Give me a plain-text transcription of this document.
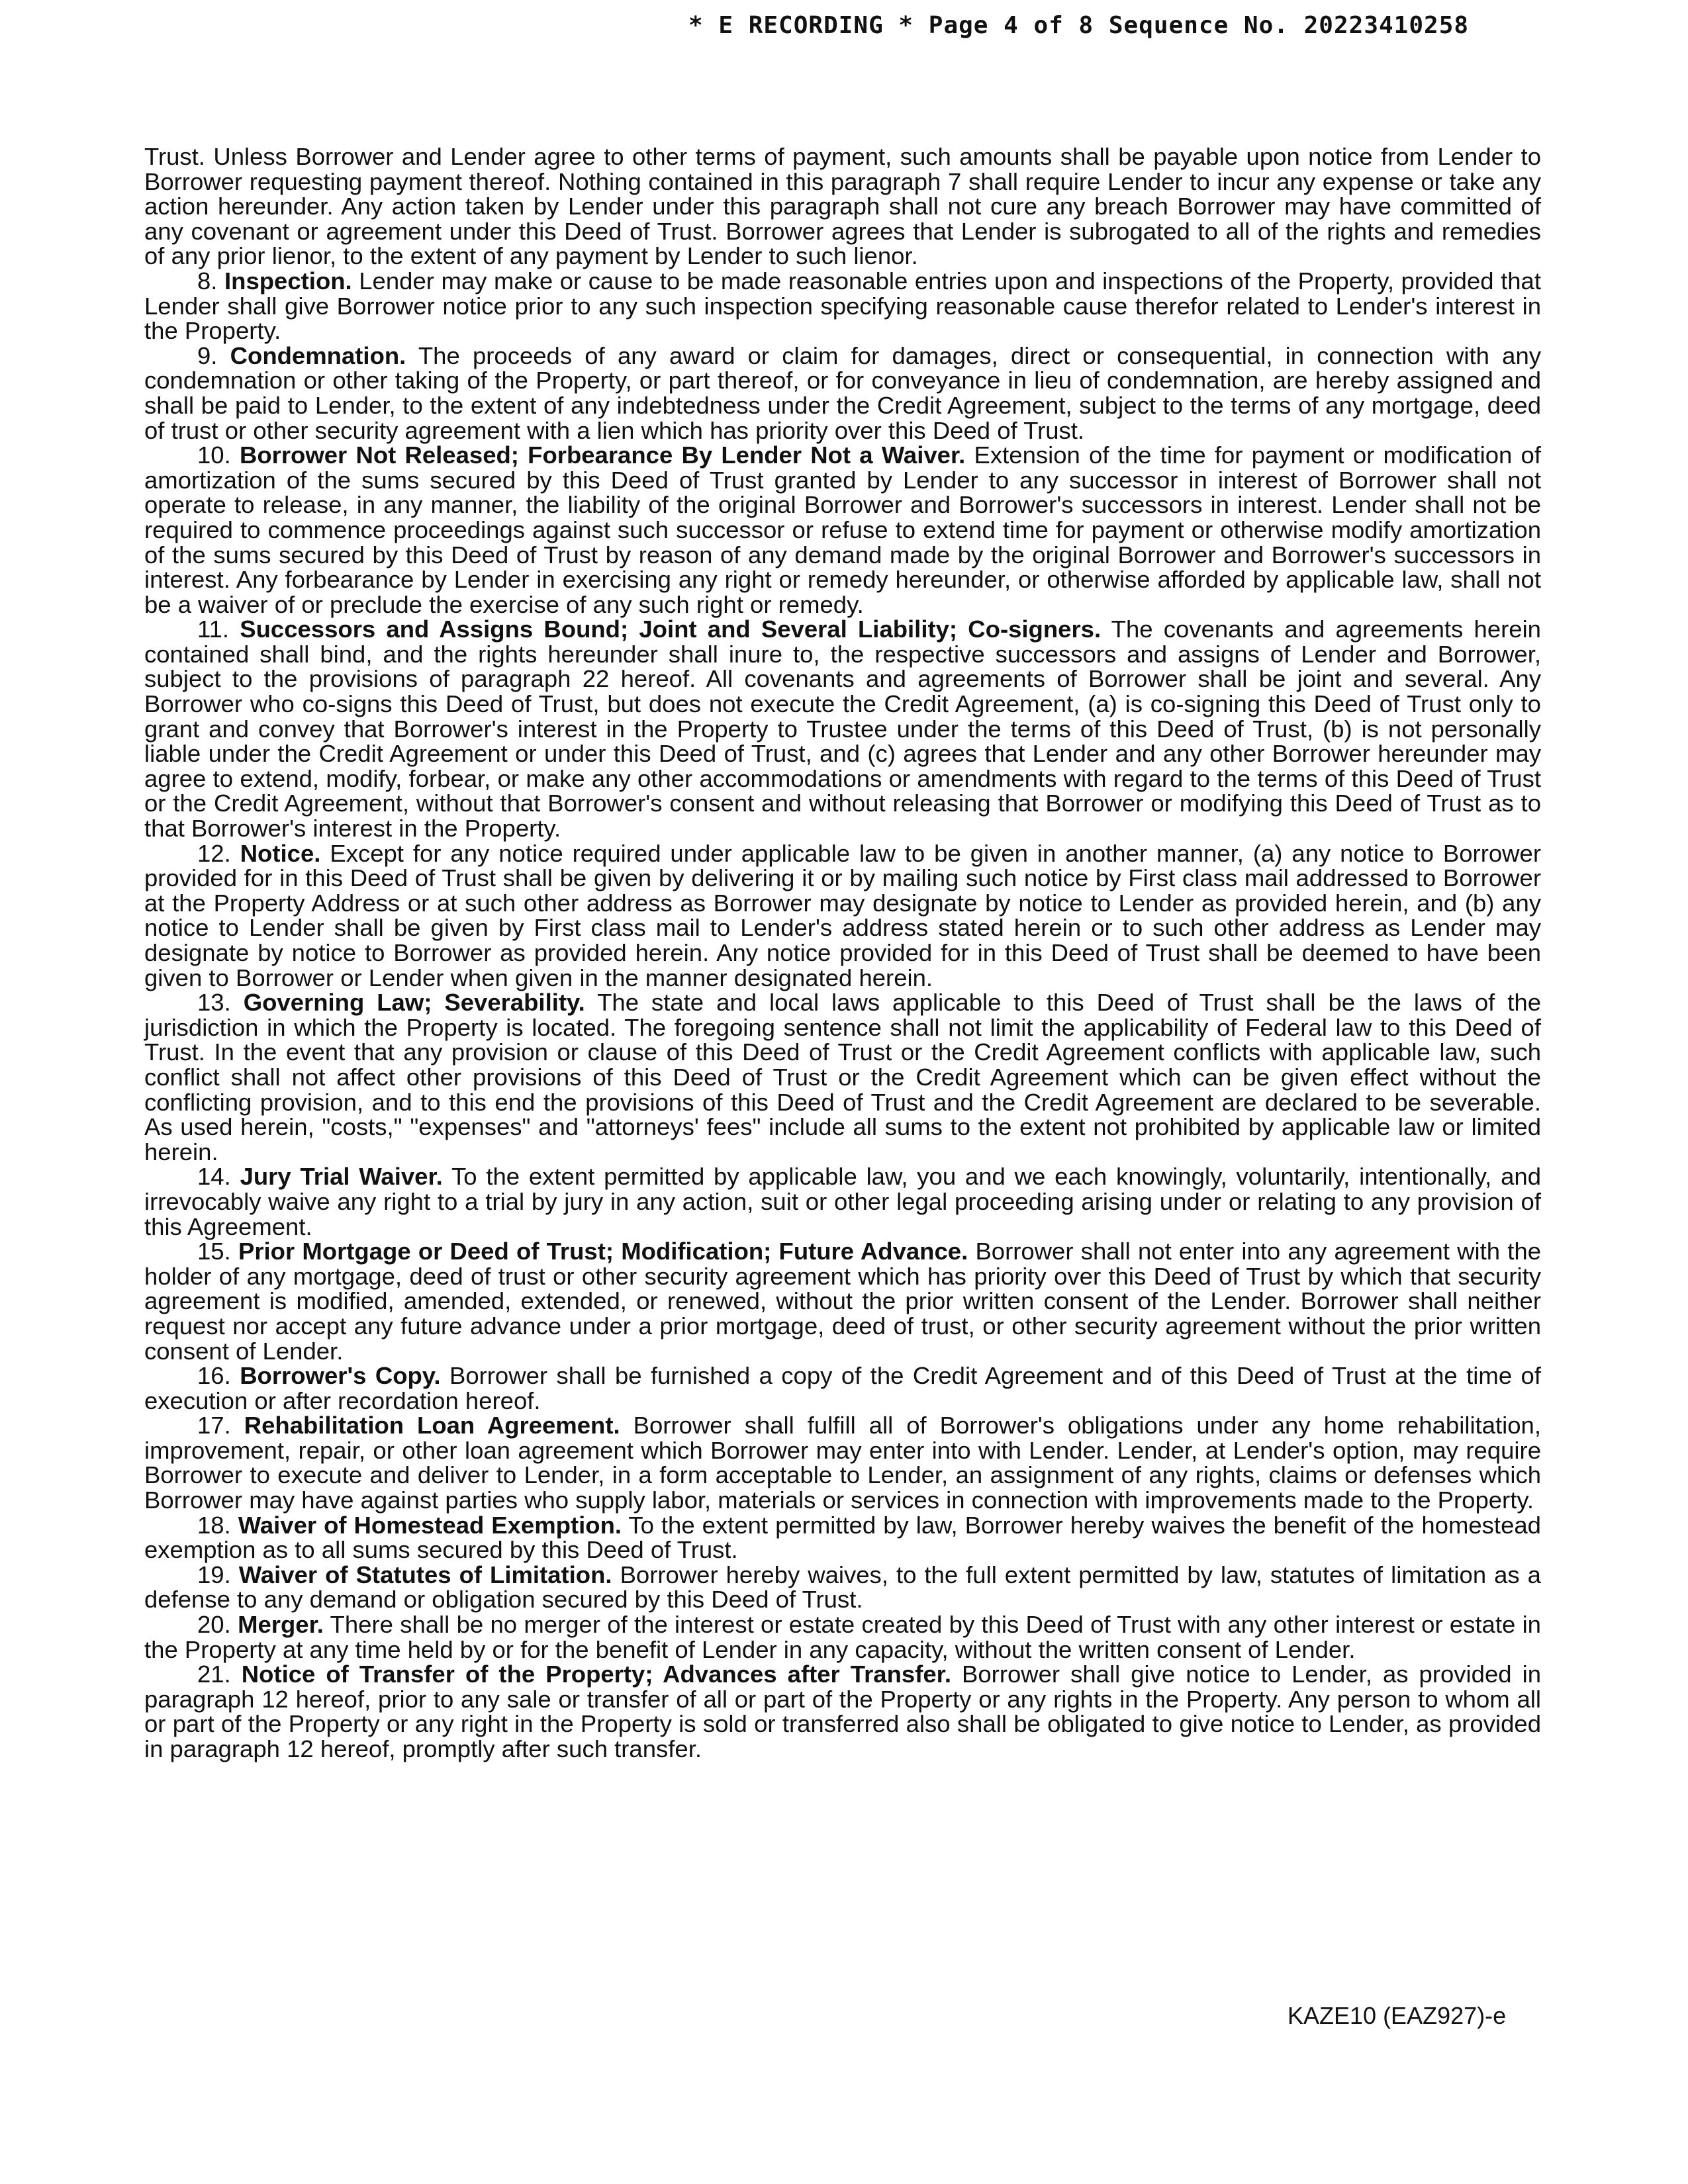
* E RECORDING * Page 4 of 8 Sequence No. 20223410258

Trust. Unless Borrower and Lender agree to other terms of payment, such amounts shall be payable upon notice from Lender to Borrower requesting payment thereof. Nothing contained in this paragraph 7 shall require Lender to incur any expense or take any action hereunder. Any action taken by Lender under this paragraph shall not cure any breach Borrower may have committed of any covenant or agreement under this Deed of Trust. Borrower agrees that Lender is subrogated to all of the rights and remedies of any prior lienor, to the extent of any payment by Lender to such lienor.

8. Inspection. Lender may make or cause to be made reasonable entries upon and inspections of the Property, provided that Lender shall give Borrower notice prior to any such inspection specifying reasonable cause therefor related to Lender's interest in the Property.

9. Condemnation. The proceeds of any award or claim for damages, direct or consequential, in connection with any condemnation or other taking of the Property, or part thereof, or for conveyance in lieu of condemnation, are hereby assigned and shall be paid to Lender, to the extent of any indebtedness under the Credit Agreement, subject to the terms of any mortgage, deed of trust or other security agreement with a lien which has priority over this Deed of Trust.

10. Borrower Not Released; Forbearance By Lender Not a Waiver. Extension of the time for payment or modification of amortization of the sums secured by this Deed of Trust granted by Lender to any successor in interest of Borrower shall not operate to release, in any manner, the liability of the original Borrower and Borrower's successors in interest. Lender shall not be required to commence proceedings against such successor or refuse to extend time for payment or otherwise modify amortization of the sums secured by this Deed of Trust by reason of any demand made by the original Borrower and Borrower's successors in interest. Any forbearance by Lender in exercising any right or remedy hereunder, or otherwise afforded by applicable law, shall not be a waiver of or preclude the exercise of any such right or remedy.

11. Successors and Assigns Bound; Joint and Several Liability; Co-signers. The covenants and agreements herein contained shall bind, and the rights hereunder shall inure to, the respective successors and assigns of Lender and Borrower, subject to the provisions of paragraph 22 hereof. All covenants and agreements of Borrower shall be joint and several. Any Borrower who co-signs this Deed of Trust, but does not execute the Credit Agreement, (a) is co-signing this Deed of Trust only to grant and convey that Borrower's interest in the Property to Trustee under the terms of this Deed of Trust, (b) is not personally liable under the Credit Agreement or under this Deed of Trust, and (c) agrees that Lender and any other Borrower hereunder may agree to extend, modify, forbear, or make any other accommodations or amendments with regard to the terms of this Deed of Trust or the Credit Agreement, without that Borrower's consent and without releasing that Borrower or modifying this Deed of Trust as to that Borrower's interest in the Property.

12. Notice. Except for any notice required under applicable law to be given in another manner, (a) any notice to Borrower provided for in this Deed of Trust shall be given by delivering it or by mailing such notice by First class mail addressed to Borrower at the Property Address or at such other address as Borrower may designate by notice to Lender as provided herein, and (b) any notice to Lender shall be given by First class mail to Lender's address stated herein or to such other address as Lender may designate by notice to Borrower as provided herein. Any notice provided for in this Deed of Trust shall be deemed to have been given to Borrower or Lender when given in the manner designated herein.

13. Governing Law; Severability. The state and local laws applicable to this Deed of Trust shall be the laws of the jurisdiction in which the Property is located. The foregoing sentence shall not limit the applicability of Federal law to this Deed of Trust. In the event that any provision or clause of this Deed of Trust or the Credit Agreement conflicts with applicable law, such conflict shall not affect other provisions of this Deed of Trust or the Credit Agreement which can be given effect without the conflicting provision, and to this end the provisions of this Deed of Trust and the Credit Agreement are declared to be severable. As used herein, "costs," "expenses" and "attorneys' fees" include all sums to the extent not prohibited by applicable law or limited herein.

14. Jury Trial Waiver. To the extent permitted by applicable law, you and we each knowingly, voluntarily, intentionally, and irrevocably waive any right to a trial by jury in any action, suit or other legal proceeding arising under or relating to any provision of this Agreement.

15. Prior Mortgage or Deed of Trust; Modification; Future Advance. Borrower shall not enter into any agreement with the holder of any mortgage, deed of trust or other security agreement which has priority over this Deed of Trust by which that security agreement is modified, amended, extended, or renewed, without the prior written consent of the Lender. Borrower shall neither request nor accept any future advance under a prior mortgage, deed of trust, or other security agreement without the prior written consent of Lender.

16. Borrower's Copy. Borrower shall be furnished a copy of the Credit Agreement and of this Deed of Trust at the time of execution or after recordation hereof.

17. Rehabilitation Loan Agreement. Borrower shall fulfill all of Borrower's obligations under any home rehabilitation, improvement, repair, or other loan agreement which Borrower may enter into with Lender. Lender, at Lender's option, may require Borrower to execute and deliver to Lender, in a form acceptable to Lender, an assignment of any rights, claims or defenses which Borrower may have against parties who supply labor, materials or services in connection with improvements made to the Property.

18. Waiver of Homestead Exemption. To the extent permitted by law, Borrower hereby waives the benefit of the homestead exemption as to all sums secured by this Deed of Trust.

19. Waiver of Statutes of Limitation. Borrower hereby waives, to the full extent permitted by law, statutes of limitation as a defense to any demand or obligation secured by this Deed of Trust.

20. Merger. There shall be no merger of the interest or estate created by this Deed of Trust with any other interest or estate in the Property at any time held by or for the benefit of Lender in any capacity, without the written consent of Lender.

21. Notice of Transfer of the Property; Advances after Transfer. Borrower shall give notice to Lender, as provided in paragraph 12 hereof, prior to any sale or transfer of all or part of the Property or any rights in the Property. Any person to whom all or part of the Property or any right in the Property is sold or transferred also shall be obligated to give notice to Lender, as provided in paragraph 12 hereof, promptly after such transfer.

KAZE10 (EAZ927)-e
